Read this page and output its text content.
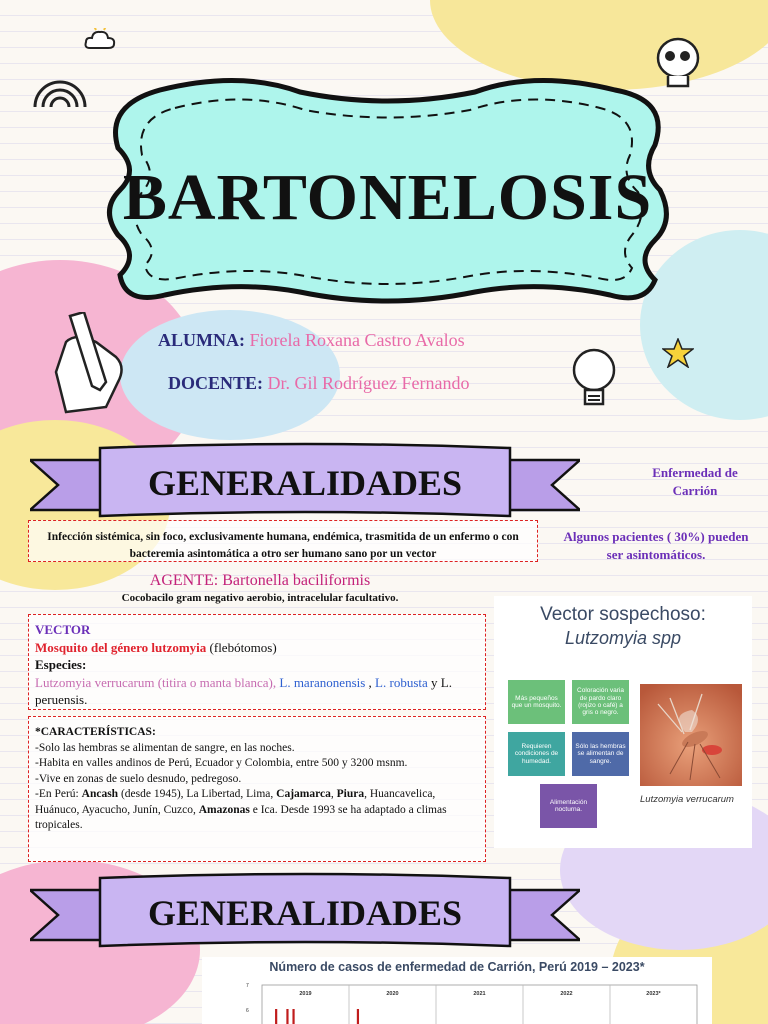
BARTONELOSIS
ALUMNA: Fiorela Roxana Castro Avalos
DOCENTE: Dr. Gil Rodríguez Fernando
GENERALIDADES	Enfermedad de Carrión
Algunos pacientes ( 30%) pueden ser asintomáticos.
Infección sistémica, sin foco, exclusivamente humana, endémica, trasmitida de un enfermo o con bacteremia asintomática a otro ser humano sano por un vector
AGENTE: Bartonella baciliformis
Cocobacilo gram negativo aerobio, intracelular facultativo.
VECTOR
Mosquito del género lutzomyia (flebótomos)
Especies:
Lutzomyia verrucarum (titira o manta blanca), L. maranonensis , L. robusta y L. peruensis.

*CARACTERÍSTICAS:

-Solo las hembras se alimentan de sangre, en las noches.

-Habita en valles andinos de Perú, Ecuador y Colombia, entre 500 y 3200 msnm.

-Vive en zonas de suelo desnudo, pedregoso.

-En Perú: Ancash (desde 1945), La Libertad, Lima, Cajamarca, Piura, Huancavelica, Huánuco, Ayacucho, Junín, Cuzco, Amazonas e Ica. Desde 1993 se ha adaptado a climas tropicales.

Vector sospechoso:
Lutzomyia spp
Más pequeños que un mosquito.
Coloración varia de pardo claro (rojizo o café) a gris o negro.
Requieren condiciones de humedad.
Sólo las hembras se alimentan de sangre.
Alimentación nocturna.
Lutzomyia verrucarum
GENERALIDADES
Número de casos de enfermedad de Carrión, Perú 2019 – 2023*
2019	2020	2021	2022	2023*
7
6
